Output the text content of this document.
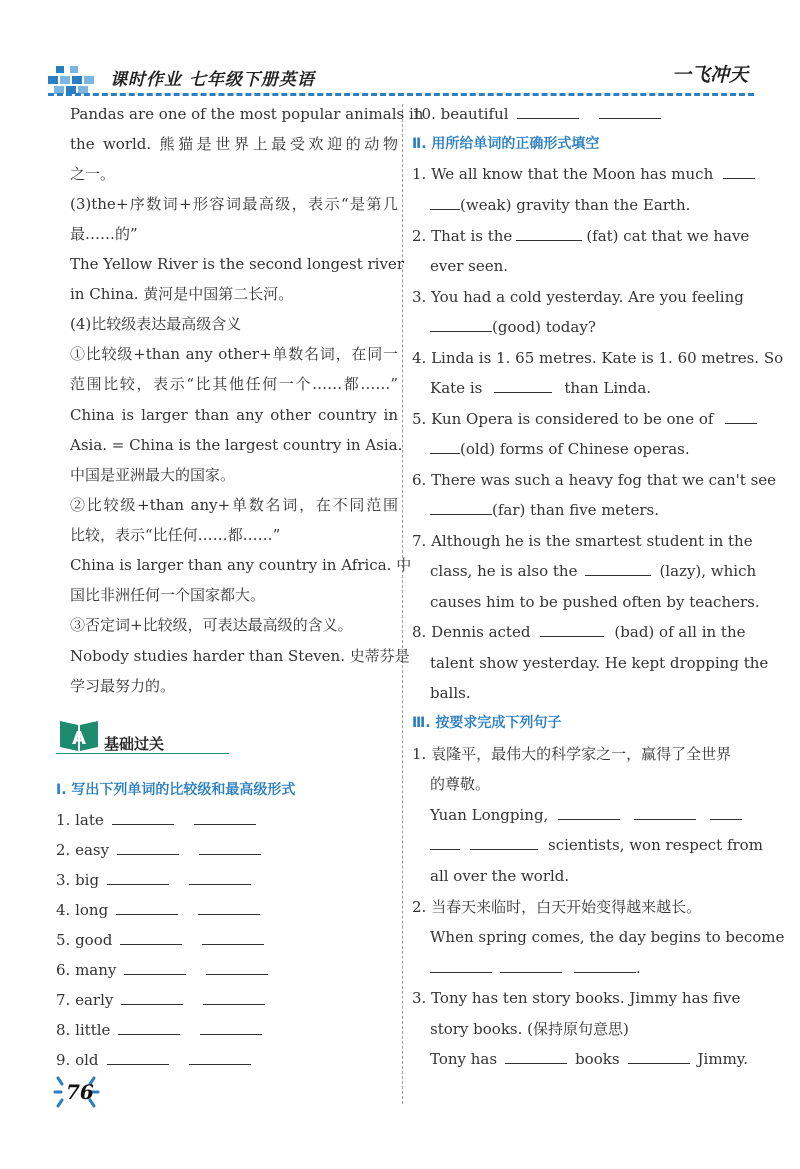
课时作业 七年级下册英语	一飞冲天
Pandas are one of the most popular animals in
the world. 熊猫是世界上最受欢迎的动物
之一。
(3)the+序数词+形容词最高级，表示“是第几
最……的”
The Yellow River is the second longest river
in China. 黄河是中国第二长河。
(4)比较级表达最高级含义
①比较级+than any other+单数名词，在同一
范围比较，表示“比其他任何一个……都……”
China is larger than any other country in
Asia. = China is the largest country in Asia.
中国是亚洲最大的国家。
②比较级+than any+单数名词，在不同范围
比较，表示“比任何……都……”
China is larger than any country in Africa. 中
国比非洲任何一个国家都大。
③否定词+比较级，可表达最高级的含义。
Nobody studies harder than Steven. 史蒂芬是
学习最努力的。
A 基础过关
Ⅰ. 写出下列单词的比较级和最高级形式
1. late
2. easy
3. big
4. long
5. good
6. many
7. early
8. little
9. old
76
10. beautiful
Ⅱ. 用所给单词的正确形式填空
1. We all know that the Moon has much
(weak) gravity than the Earth.
2. That is the	(fat) cat that we have
ever seen.
3. You had a cold yesterday. Are you feeling
(good) today?
4. Linda is 1. 65 metres. Kate is 1. 60 metres. So
Kate is	than Linda.
5. Kun Opera is considered to be one of
(old) forms of Chinese operas.
6. There was such a heavy fog that we can't see
(far) than five meters.
7. Although he is the smartest student in the
class, he is also the	(lazy), which
causes him to be pushed often by teachers.
8. Dennis acted	(bad) of all in the
talent show yesterday. He kept dropping the
balls.
Ⅲ. 按要求完成下列句子
1. 袁隆平，最伟大的科学家之一，赢得了全世界
的尊敬。
Yuan Longping,
scientists, won respect from
all over the world.
2. 当春天来临时，白天开始变得越来越长。
When spring comes, the day begins to become
.
3. Tony has ten story books. Jimmy has five
story books. (保持原句意思)
Tony has	books	Jimmy.
